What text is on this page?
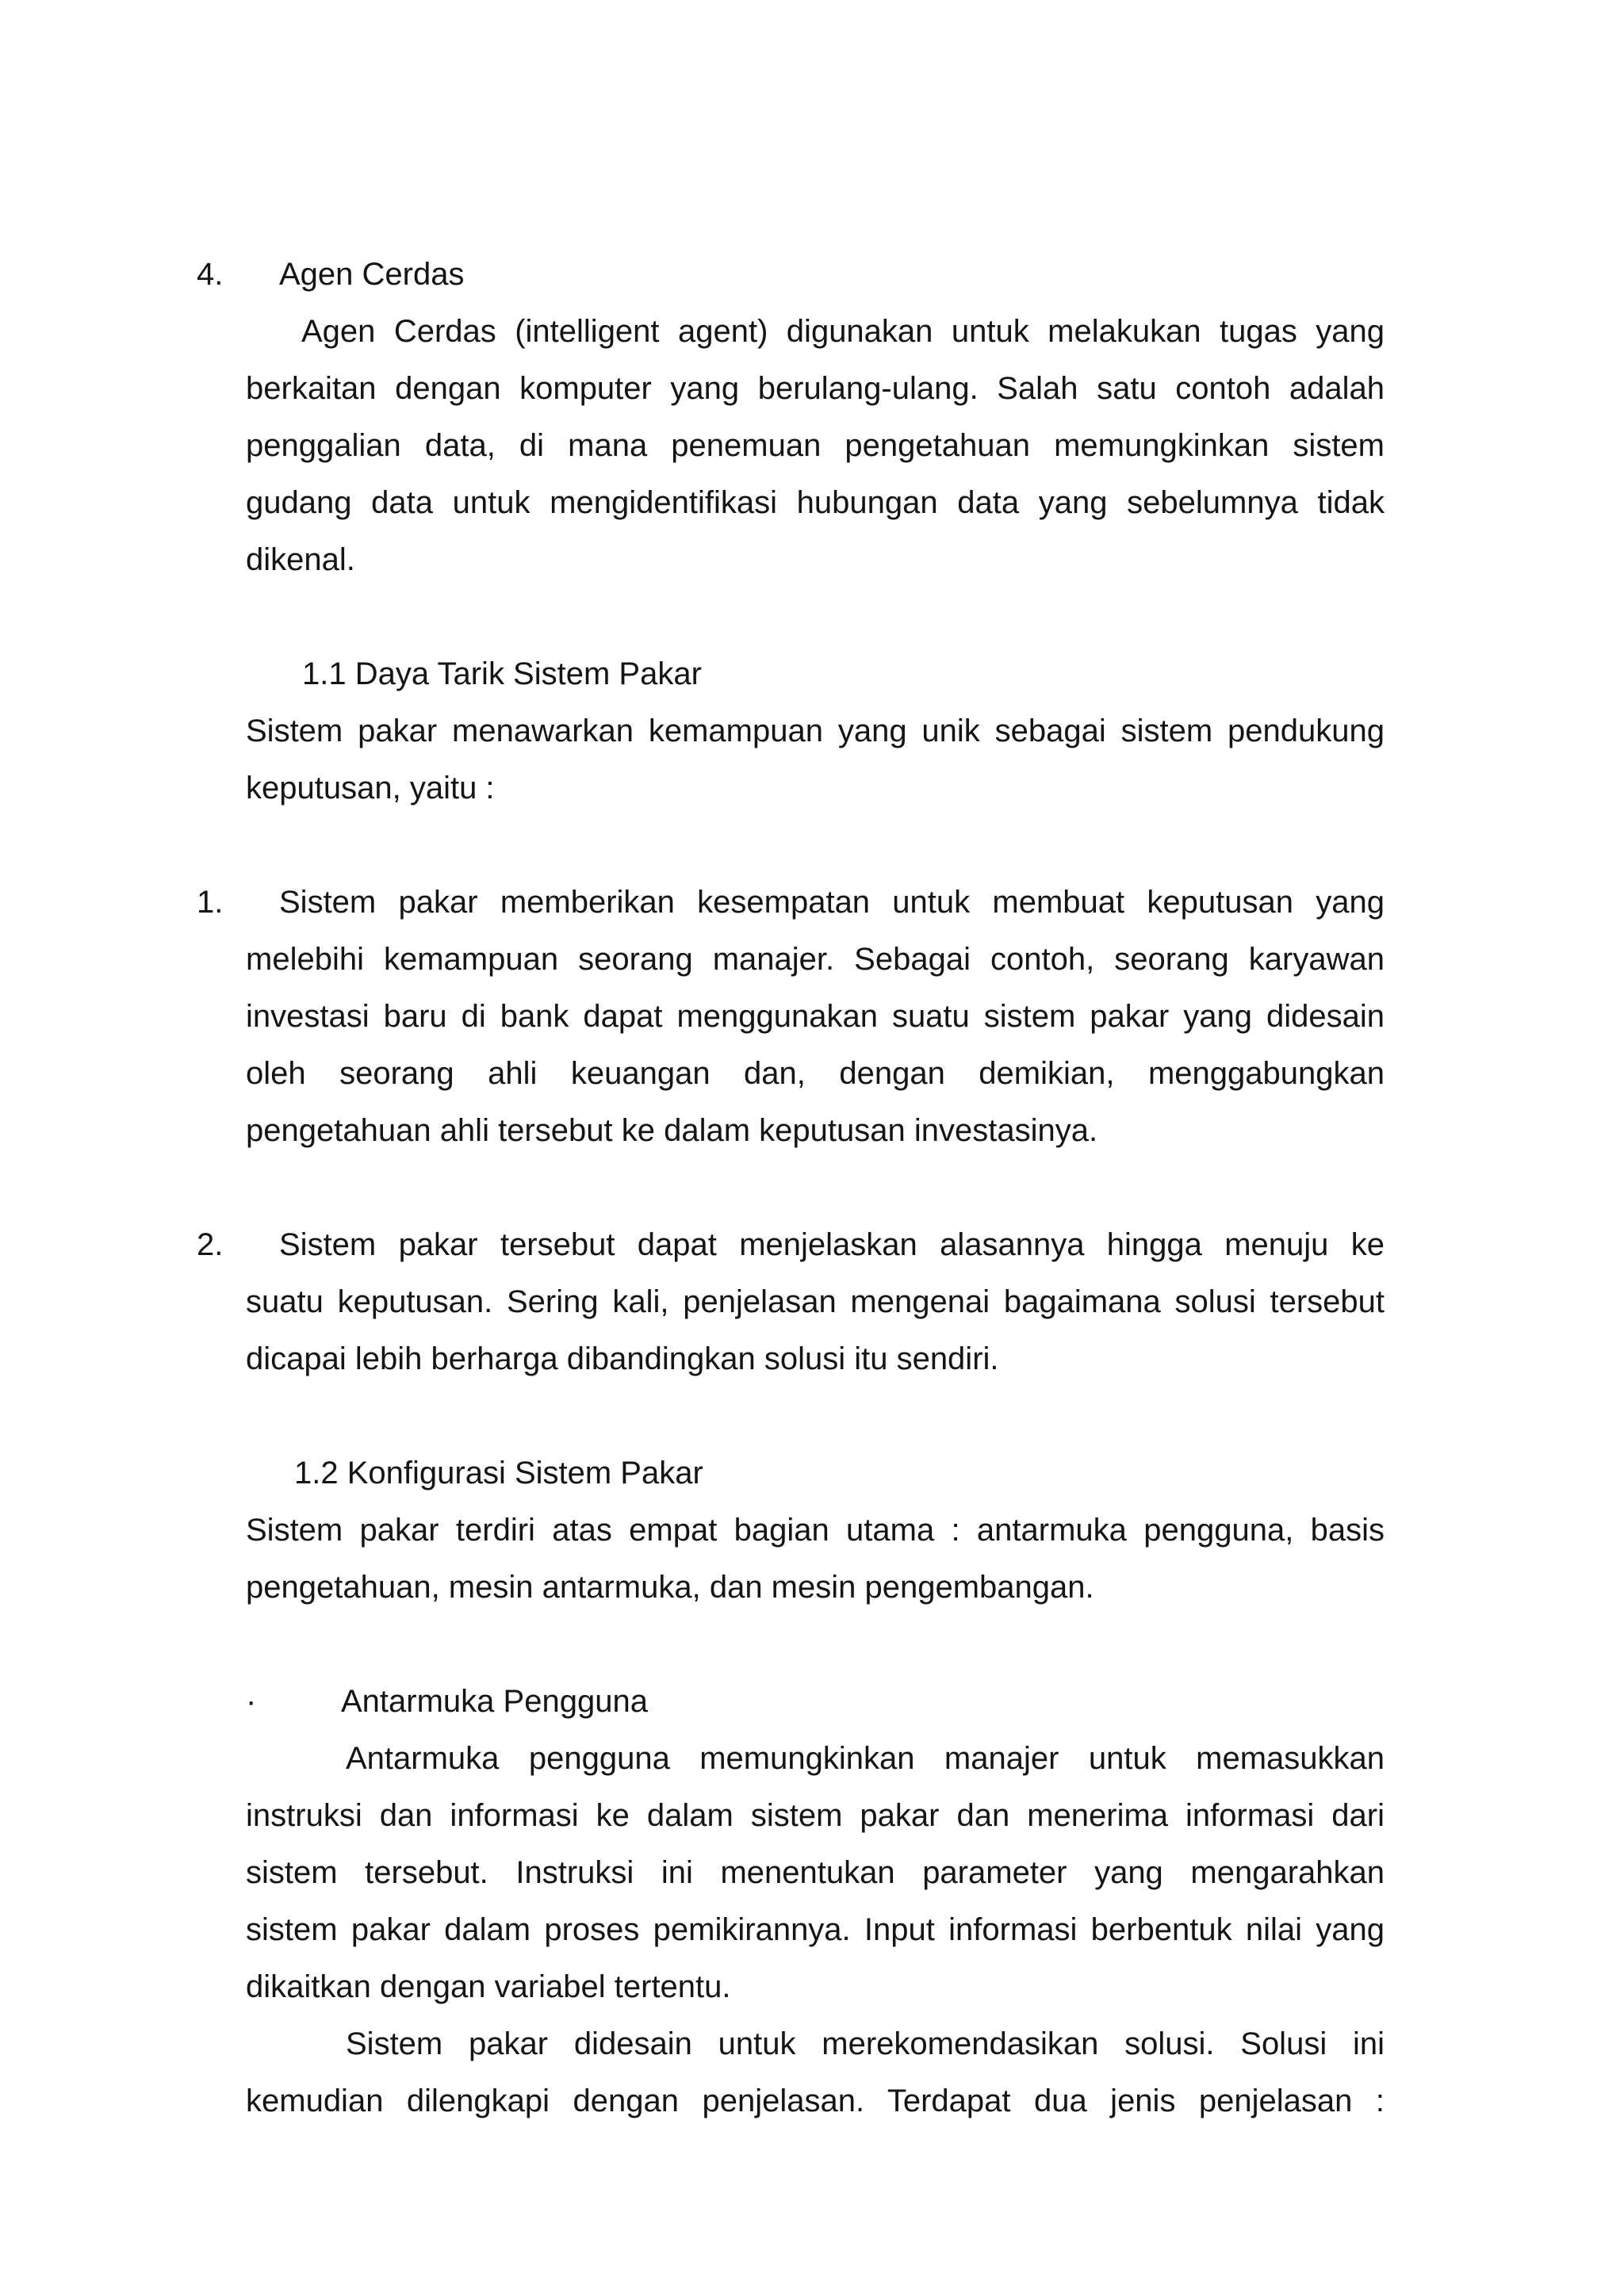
4. Agen Cerdas
Agen Cerdas (intelligent agent) digunakan untuk melakukan tugas yang
berkaitan dengan komputer yang berulang-ulang. Salah satu contoh adalah
penggalian data, di mana penemuan pengetahuan memungkinkan sistem
gudang data untuk mengidentifikasi hubungan data yang sebelumnya tidak
dikenal.
1.1 Daya Tarik Sistem Pakar
Sistem pakar menawarkan kemampuan yang unik sebagai sistem pendukung
keputusan, yaitu :
1. Sistem pakar memberikan kesempatan untuk membuat keputusan yang
melebihi kemampuan seorang manajer. Sebagai contoh, seorang karyawan
investasi baru di bank dapat menggunakan suatu sistem pakar yang didesain
oleh seorang ahli keuangan dan, dengan demikian, menggabungkan
pengetahuan ahli tersebut ke dalam keputusan investasinya.
2. Sistem pakar tersebut dapat menjelaskan alasannya hingga menuju ke
suatu keputusan. Sering kali, penjelasan mengenai bagaimana solusi tersebut
dicapai lebih berharga dibandingkan solusi itu sendiri.
1.2 Konfigurasi Sistem Pakar
Sistem pakar terdiri atas empat bagian utama : antarmuka pengguna, basis
pengetahuan, mesin antarmuka, dan mesin pengembangan.
·	Antarmuka Pengguna
Antarmuka pengguna memungkinkan manajer untuk memasukkan
instruksi dan informasi ke dalam sistem pakar dan menerima informasi dari
sistem tersebut. Instruksi ini menentukan parameter yang mengarahkan
sistem pakar dalam proses pemikirannya. Input informasi berbentuk nilai yang
dikaitkan dengan variabel tertentu.
Sistem pakar didesain untuk merekomendasikan solusi. Solusi ini
kemudian dilengkapi dengan penjelasan. Terdapat dua jenis penjelasan :
